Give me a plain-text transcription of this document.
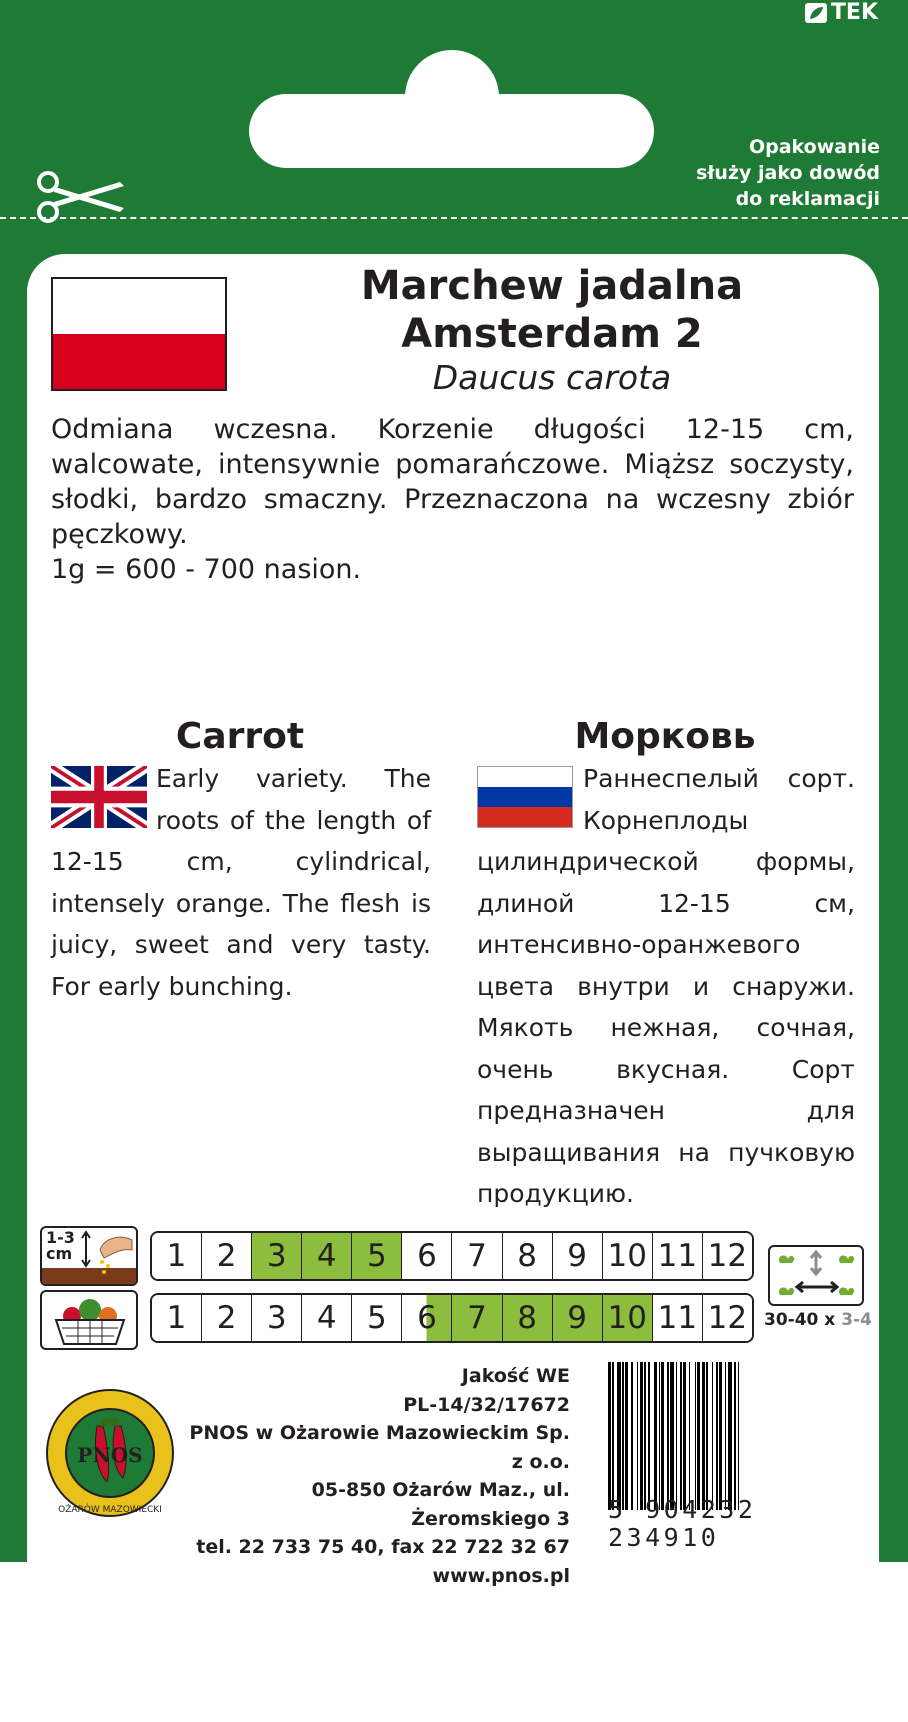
TEK
Opakowanie
służy jako dowód
do reklamacji
Marchew jadalna
Amsterdam 2
Daucus carota

Odmiana wczesna. Korzenie długości 12-15 cm, walcowate, intensywnie pomarańczowe. Miąższ soczysty, słodki, bardzo smaczny. Przeznaczona na wczesny zbiór pęczkowy.

1g = 600 - 700 nasion.

Carrot	Морковь
Early variety. The roots of the length of 12-15 cm, cylindrical, intensely orange. The flesh is juicy, sweet and very tasty. For early bunching.
Раннеспелый сорт. Корнеплоды цилиндрической формы, длиной 12-15 см, интенсивно-оранжевого цвета внутри и снаружи. Мякоть нежная, сочная, очень вкусная. Сорт предназначен для выращивания на пучковую продукцию.
1-3
cm	1 2 3 4 5 6 7 8 9 10 11 12
1 2 3 4 5 6 7 8 9 10 11 12 30-40 x 3-4
PNOS
OŻARÓW MAZOWIECKI
Jakość WE
PL-14/32/17672
PNOS w Ożarowie Mazowieckim Sp. z o.o.
05-850 Ożarów Maz., ul. Żeromskiego 3
tel. 22 733 75 40, fax 22 722 32 67
www.pnos.pl
5 904232 234910
